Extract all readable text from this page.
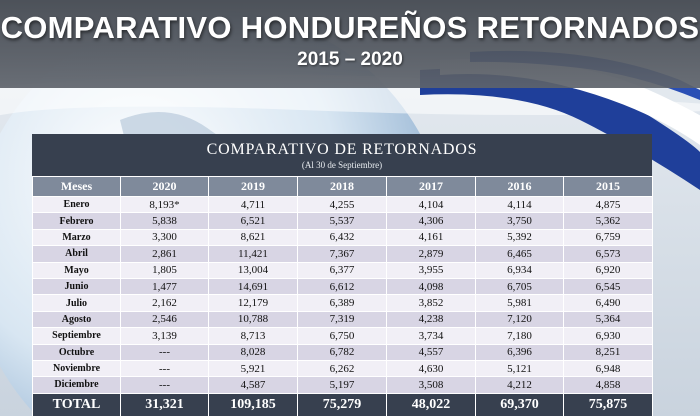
COMPARATIVO HONDUREÑOS RETORNADOS
2015 – 2020
COMPARATIVO DE RETORNADOS
(Al 30 de Septiembre)
Meses	2020	2019	2018	2017	2016	2015
Enero	8,193*	4,711	4,255	4,104	4,114	4,875
Febrero	5,838	6,521	5,537	4,306	3,750	5,362
Marzo	3,300	8,621	6,432	4,161	5,392	6,759
Abril	2,861	11,421	7,367	2,879	6,465	6,573
Mayo	1,805	13,004	6,377	3,955	6,934	6,920
Junio	1,477	14,691	6,612	4,098	6,705	6,545
Julio	2,162	12,179	6,389	3,852	5,981	6,490
Agosto	2,546	10,788	7,319	4,238	7,120	5,364
Septiembre	3,139	8,713	6,750	3,734	7,180	6,930
Octubre	---	8,028	6,782	4,557	6,396	8,251
Noviembre	---	5,921	6,262	4,630	5,121	6,948
Diciembre	---	4,587	5,197	3,508	4,212	4,858
TOTAL	31,321	109,185	75,279	48,022	69,370	75,875
